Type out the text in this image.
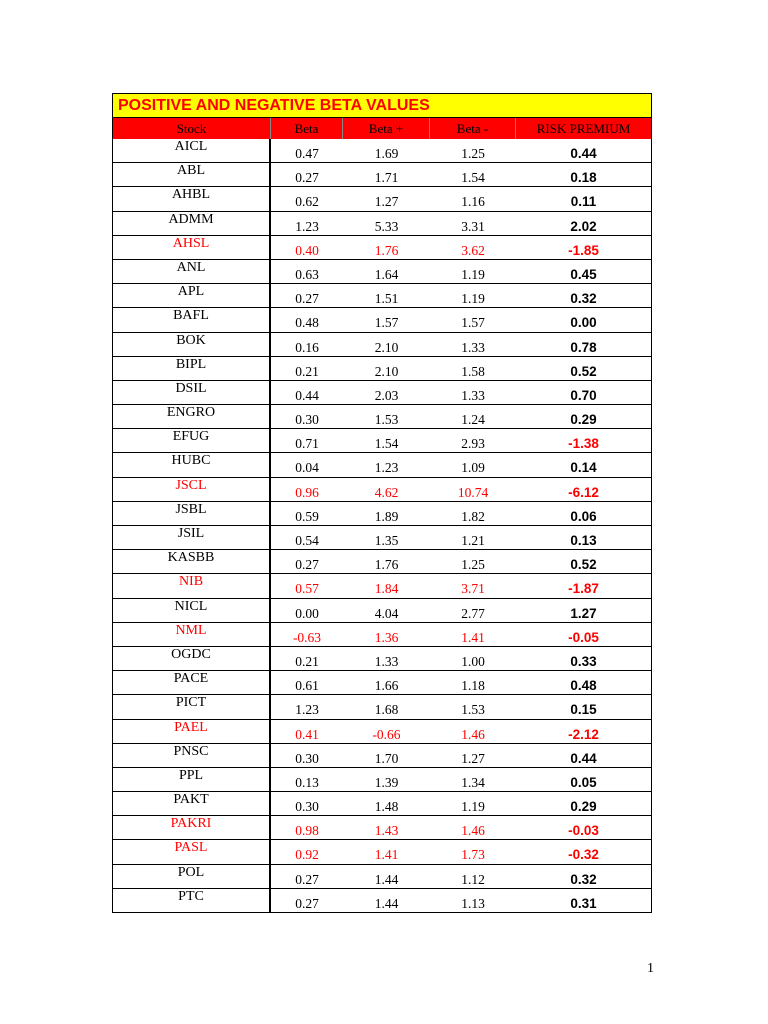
POSITIVE AND NEGATIVE BETA VALUES
Stock	Beta	Beta +	Beta -	RISK PREMIUM
AICL	0.47	1.69	1.25	0.44
ABL	0.27	1.71	1.54	0.18
AHBL	0.62	1.27	1.16	0.11
ADMM	1.23	5.33	3.31	2.02
AHSL	0.40	1.76	3.62	-1.85
ANL	0.63	1.64	1.19	0.45
APL	0.27	1.51	1.19	0.32
BAFL	0.48	1.57	1.57	0.00
BOK	0.16	2.10	1.33	0.78
BIPL	0.21	2.10	1.58	0.52
DSIL	0.44	2.03	1.33	0.70
ENGRO	0.30	1.53	1.24	0.29
EFUG	0.71	1.54	2.93	-1.38
HUBC	0.04	1.23	1.09	0.14
JSCL	0.96	4.62	10.74	-6.12
JSBL	0.59	1.89	1.82	0.06
JSIL	0.54	1.35	1.21	0.13
KASBB	0.27	1.76	1.25	0.52
NIB	0.57	1.84	3.71	-1.87
NICL	0.00	4.04	2.77	1.27
NML	-0.63	1.36	1.41	-0.05
OGDC	0.21	1.33	1.00	0.33
PACE	0.61	1.66	1.18	0.48
PICT	1.23	1.68	1.53	0.15
PAEL	0.41	-0.66	1.46	-2.12
PNSC	0.30	1.70	1.27	0.44
PPL	0.13	1.39	1.34	0.05
PAKT	0.30	1.48	1.19	0.29
PAKRI	0.98	1.43	1.46	-0.03
PASL	0.92	1.41	1.73	-0.32
POL	0.27	1.44	1.12	0.32
PTC	0.27	1.44	1.13	0.31
1
